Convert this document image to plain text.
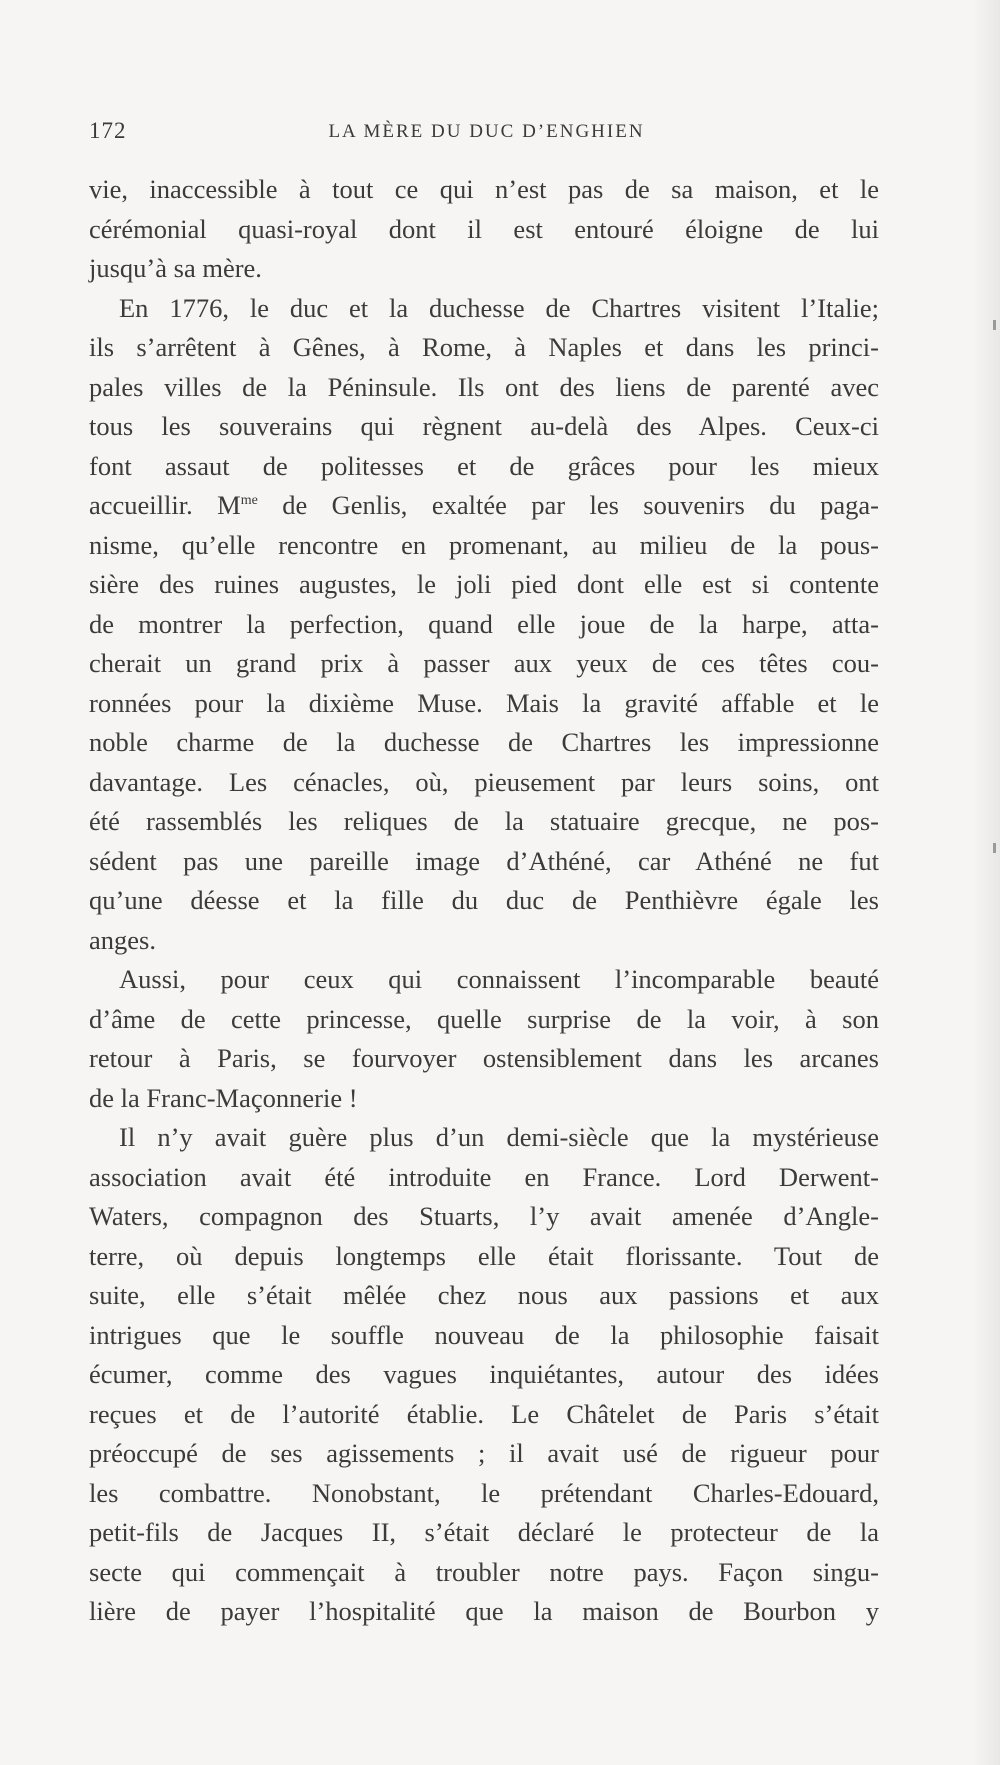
172	LA MÈRE DU DUC D’ENGHIEN
vie, inaccessible à tout ce qui n’est pas de sa maison, et le
cérémonial quasi-royal dont il est entouré éloigne de lui
jusqu’à sa mère.
En 1776, le duc et la duchesse de Chartres visitent l’Italie;
ils s’arrêtent à Gênes, à Rome, à Naples et dans les princi-
pales villes de la Péninsule. Ils ont des liens de parenté avec
tous les souverains qui règnent au-delà des Alpes. Ceux-ci
font assaut de politesses et de grâces pour les mieux
accueillir. $M^{me}$ de Genlis, exaltée par les souvenirs du paga-
nisme, qu’elle rencontre en promenant, au milieu de la pous-
sière des ruines augustes, le joli pied dont elle est si contente
de montrer la perfection, quand elle joue de la harpe, atta-
cherait un grand prix à passer aux yeux de ces têtes cou-
ronnées pour la dixième Muse. Mais la gravité affable et le
noble charme de la duchesse de Chartres les impressionne
davantage. Les cénacles, où, pieusement par leurs soins, ont
été rassemblés les reliques de la statuaire grecque, ne pos-
sédent pas une pareille image d’Athéné, car Athéné ne fut
qu’une déesse et la fille du duc de Penthièvre égale les
anges.
Aussi, pour ceux qui connaissent l’incomparable beauté
d’âme de cette princesse, quelle surprise de la voir, à son
retour à Paris, se fourvoyer ostensiblement dans les arcanes
de la Franc-Maçonnerie !
Il n’y avait guère plus d’un demi-siècle que la mystérieuse
association avait été introduite en France. Lord Derwent-
Waters, compagnon des Stuarts, l’y avait amenée d’Angle-
terre, où depuis longtemps elle était florissante. Tout de
suite, elle s’était mêlée chez nous aux passions et aux
intrigues que le souffle nouveau de la philosophie faisait
écumer, comme des vagues inquiétantes, autour des idées
reçues et de l’autorité établie. Le Châtelet de Paris s’était
préoccupé de ses agissements ; il avait usé de rigueur pour
les combattre. Nonobstant, le prétendant Charles-Edouard,
petit-fils de Jacques II, s’était déclaré le protecteur de la
secte qui commençait à troubler notre pays. Façon singu-
lière de payer l’hospitalité que la maison de Bourbon y
